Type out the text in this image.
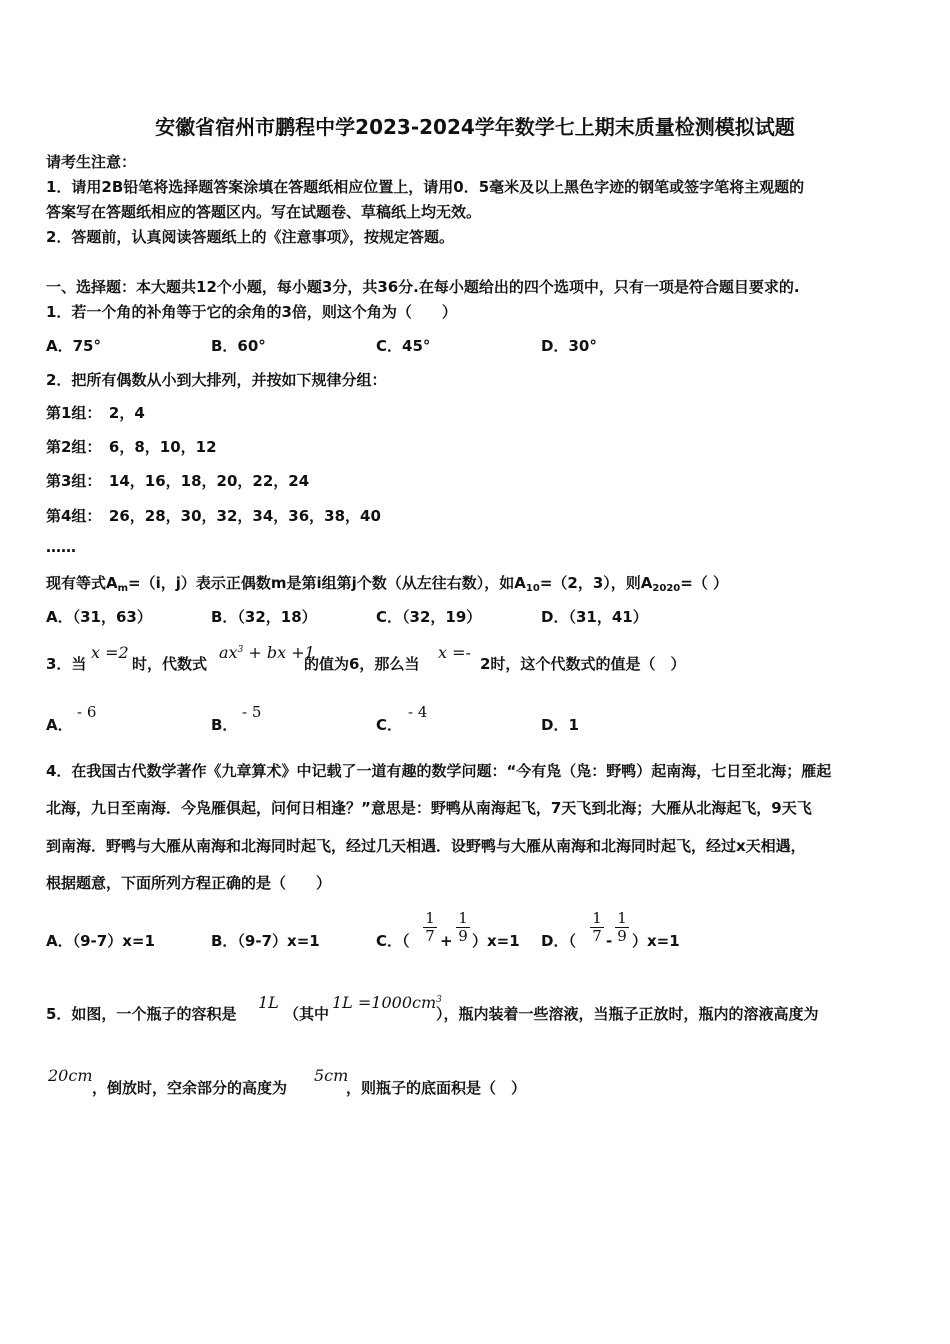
安徽省宿州市鹏程中学2023-2024学年数学七上期末质量检测模拟试题
请考生注意：
1．请用2B铅笔将选择题答案涂填在答题纸相应位置上，请用0．5毫米及以上黑色字迹的钢笔或签字笔将主观题的
答案写在答题纸相应的答题区内。写在试题卷、草稿纸上均无效。
2．答题前，认真阅读答题纸上的《注意事项》，按规定答题。
一、选择题：本大题共12个小题，每小题3分，共36分.在每小题给出的四个选项中，只有一项是符合题目要求的.
1．若一个角的补角等于它的余角的3倍，则这个角为（　　）
A．75°	B．60°	C．45°	D．30°
2．把所有偶数从小到大排列，并按如下规律分组：
第1组：　2，4
第2组：　6，8，10，12
第3组：　14，16，18，20，22，24
第4组：　26，28，30，32，34，36，38，40
……
现有等式$A_m=(i$，j）表示正偶数m是第i组第j个数（从左往右数），如$A_{10}=(2$，3），则$A_{2020}=$（ ）
A．（31，63）	B．（32，18）	C．（32，19）	D．（31，41）
3．当
x =2
时，代数式
$ax^3$ + bx +1
的值为6，那么当
x =-
2时，这个代数式的值是（　）
A．
- 6
B．
- 5
C．
- 4
D．1
4．在我国古代数学著作《九章算术》中记载了一道有趣的数学问题：“今有凫（凫：野鸭）起南海，七日至北海；雁起
北海，九日至南海．今凫雁俱起，问何日相逢？”意思是：野鸭从南海起飞，7天飞到北海；大雁从北海起飞，9天飞
到南海．野鸭与大雁从南海和北海同时起飞，经过几天相遇．设野鸭与大雁从南海和北海同时起飞，经过x天相遇，
根据题意，下面所列方程正确的是（　　）
A．（9-7）x=1	B．（9-7）x=1	C．（ $\frac{1}{7} + \frac{1}{9} )x=1$ D．（ $\frac{1}{7} - \frac{1}{9} )x=1$
5．如图，一个瓶子的容积是
1L
（其中
$1L =1000cm^3$
），瓶内装着一些溶液，当瓶子正放时，瓶内的溶液高度为
20cm
，倒放时，空余部分的高度为
5cm
，则瓶子的底面积是（　）
